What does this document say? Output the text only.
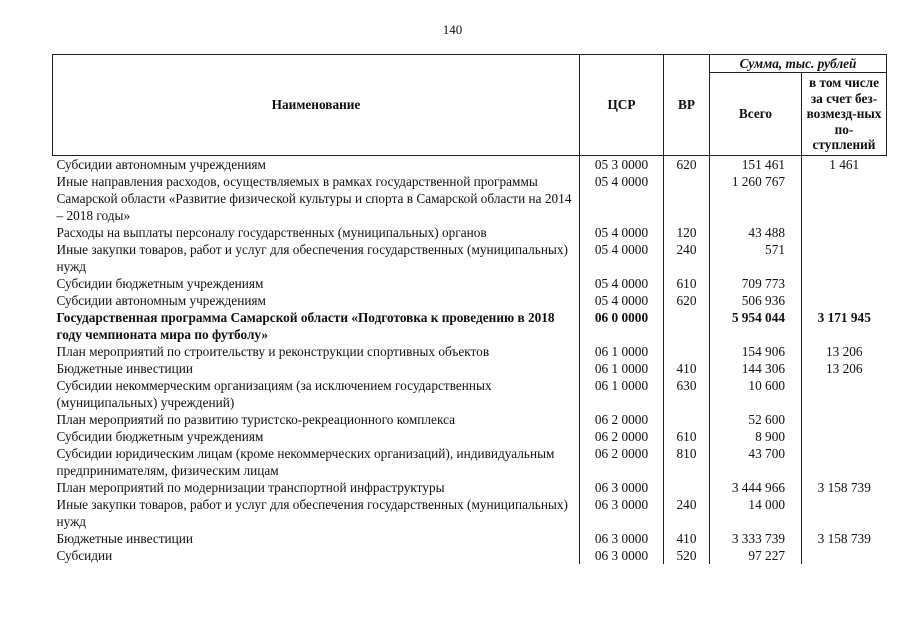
140
Наименование	ЦСР	ВР	Сумма, тыс. рублей	
			Всего	в том числе за счет без-возмезд-ных по-ступлений
Субсидии автономным учреждениям	05 3 0000	620	151 461	1 461
Иные направления расходов, осуществляемых в рамках государственной программы Самарской области «Развитие физической культуры и спорта в Самарской области на 2014 – 2018 годы»	05 4 0000		1 260 767	
Расходы на выплаты персоналу государственных (муниципальных) органов	05 4 0000	120	43 488	
Иные закупки товаров, работ и услуг для обеспечения государственных (муниципальных) нужд	05 4 0000	240	571	
Субсидии бюджетным учреждениям	05 4 0000	610	709 773	
Субсидии автономным учреждениям	05 4 0000	620	506 936	
Государственная программа Самарской области «Подготовка к проведению в 2018 году чемпионата мира по футболу»	06 0 0000		5 954 044	3 171 945
План мероприятий по строительству и реконструкции спортивных объектов	06 1 0000		154 906	13 206
Бюджетные инвестиции	06 1 0000	410	144 306	13 206
Субсидии некоммерческим организациям (за исключением государственных (муниципальных) учреждений)	06 1 0000	630	10 600	
План мероприятий по развитию туристско-рекреационного комплекса	06 2 0000		52 600	
Субсидии бюджетным учреждениям	06 2 0000	610	8 900	
Субсидии юридическим лицам (кроме некоммерческих организаций), индивидуальным предпринимателям, физическим лицам	06 2 0000	810	43 700	
План мероприятий по модернизации транспортной инфраструктуры	06 3 0000		3 444 966	3 158 739
Иные закупки товаров, работ и услуг для обеспечения государственных (муниципальных) нужд	06 3 0000	240	14 000	
Бюджетные инвестиции	06 3 0000	410	3 333 739	3 158 739
Субсидии	06 3 0000	520	97 227	
